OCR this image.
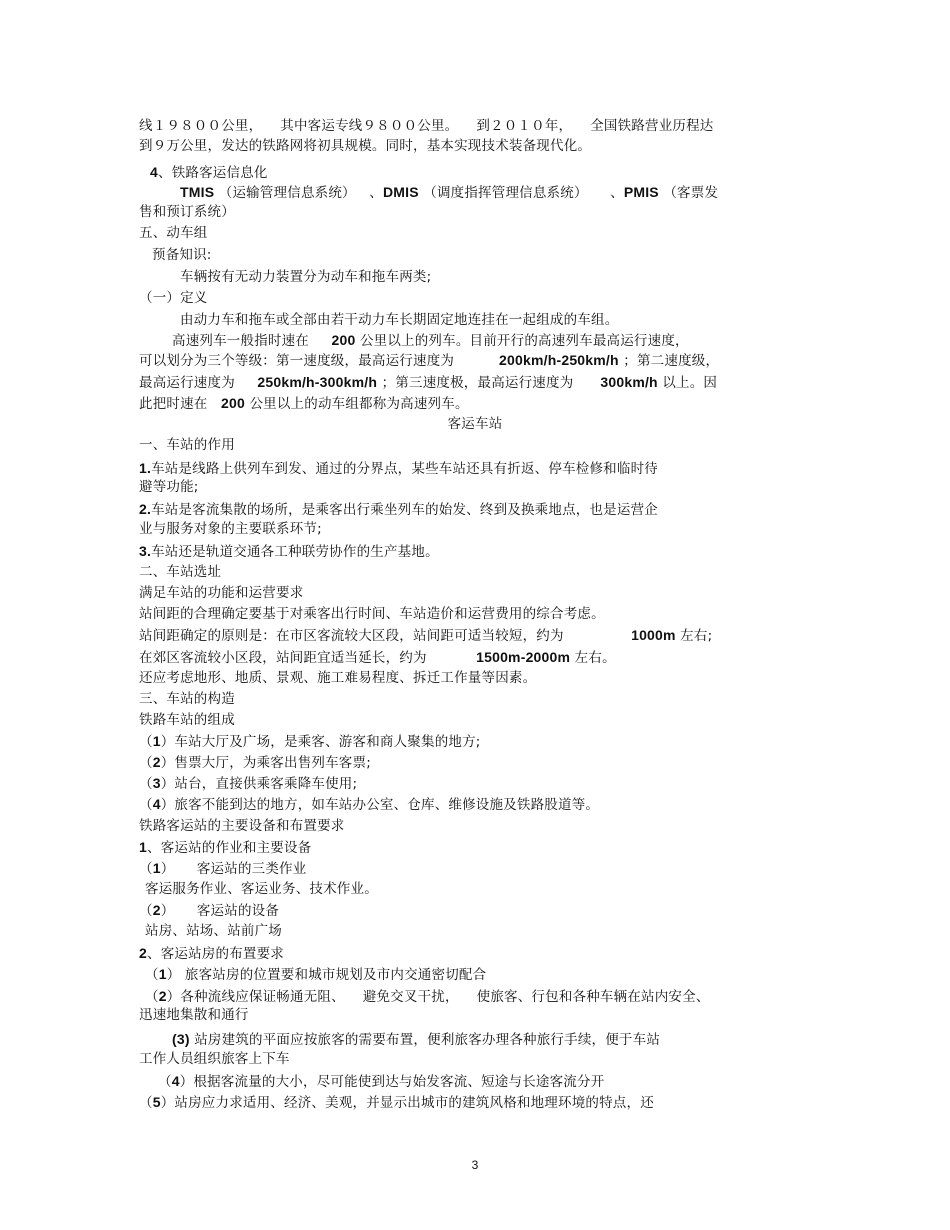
线１９８００公里，    其中客运专线９８００公里。    到２０１０年，    全国铁路营业历程达
到９万公里，发达的铁路网将初具规模。同时，基本实现技术装备现代化。
4、铁路客运信息化
TMIS （运输管理信息系统）   、DMIS （调度指挥管理信息系统）     、PMIS （客票发
售和预订系统）
五、动车组
预备知识:
车辆按有无动力装置分为动车和拖车两类;
（一）定义
由动力车和拖车或全部由若干动力车长期固定地连挂在一起组成的车组。
高速列车一般指时速在 200 公里以上的列车。目前开行的高速列车最高运行速度，
可以划分为三个等级：第一速度级，最高运行速度为	200km/h-250km/h ；第二速度级，
最高运行速度为 250km/h-300km/h ；第三速度极，最高运行速度为 300km/h 以上。因
此把时速在 200 公里以上的动车组都称为高速列车。
客运车站
一、车站的作用
1.车站是线路上供列车到发、通过的分界点，某些车站还具有折返、停车检修和临时待
避等功能;
2.车站是客流集散的场所，是乘客出行乘坐列车的始发、终到及换乘地点，也是运营企
业与服务对象的主要联系环节;
3.车站还是轨道交通各工种联劳协作的生产基地。
二、车站选址
满足车站的功能和运营要求
站间距的合理确定要基于对乘客出行时间、车站造价和运营费用的综合考虑。
站间距确定的原则是：在市区客流较大区段，站间距可适当较短，约为	1000m 左右;
在郊区客流较小区段，站间距宜适当延长，约为	1500m-2000m 左右。
还应考虑地形、地质、景观、施工难易程度、拆迁工作量等因素。
三、车站的构造
铁路车站的组成
（1）车站大厅及广场，是乘客、游客和商人聚集的地方;
（2）售票大厅，为乘客出售列车客票;
（3）站台，直接供乘客乘降车使用;
（4）旅客不能到达的地方，如车站办公室、仓库、维修设施及铁路股道等。
铁路客运站的主要设备和布置要求
1、客运站的作业和主要设备
（1）     客运站的三类作业
客运服务作业、客运业务、技术作业。
（2）     客运站的设备
站房、站场、站前广场
2、客运站房的布置要求
（1） 旅客站房的位置要和城市规划及市内交通密切配合
（2）各种流线应保证畅通无阻、    避免交叉干扰，    使旅客、行包和各种车辆在站内安全、
迅速地集散和通行
(3) 站房建筑的平面应按旅客的需要布置，便利旅客办理各种旅行手续，便于车站
工作人员组织旅客上下车
（4）根据客流量的大小，尽可能使到达与始发客流、短途与长途客流分开
（5）站房应力求适用、经济、美观，并显示出城市的建筑风格和地理环境的特点，还
3
